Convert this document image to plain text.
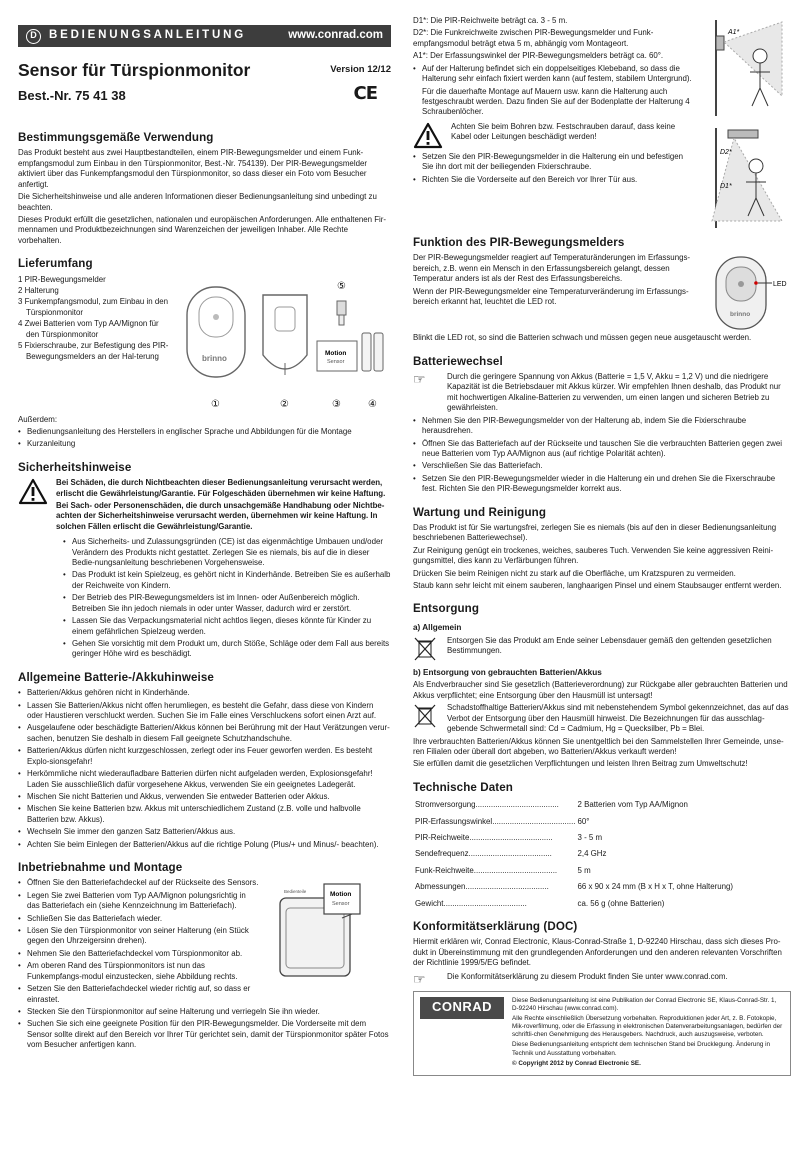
D	BEDIENUNGSANLEITUNG	www.conrad.com
Sensor für Türspionmonitor
Best.-Nr. 75 41 38
Version 12/12
CE
Bestimmungsgemäße Verwendung

Das Produkt besteht aus zwei Hauptbestandteilen, einem PIR-Bewegungsmelder und einem Funk-empfangsmodul zum Einbau in den Türspionmonitor, Best.-Nr. 754139). Der PIR-Bewegungsmelder aktiviert über das Funkempfangsmodul den Türspionmonitor, so dass dieser ein Foto vom Besucher anfertigt.

Die Sicherheitshinweise und alle anderen Informationen dieser Bedienungsanleitung sind unbedingt zu beachten.

Dieses Produkt erfüllt die gesetzlichen, nationalen und europäischen Anforderungen. Alle enthaltenen Fir-mennamen und Produktbezeichnungen sind Warenzeichen der jeweiligen Inhaber. Alle Rechte vorbehalten.

Lieferumfang

1 PIR-Bewegungsmelder

2 Halterung

3 Funkempfangsmodul, zum Einbau in den Türspionmonitor

4 Zwei Batterien vom Typ AA/Mignon für den Türspionmonitor

5 Fixierschraube, zur Befestigung des PIR-Bewegungsmelders an der Hal-terung	brinno
Motion
Sensor
①	②	③	④
⑤

Außerdem:

• Bedienungsanleitung des Herstellers in englischer Sprache und Abbildungen für die Montage
• Kurzanleitung
Sicherheitshinweise

Bei Schäden, die durch Nichtbeachten dieser Bedienungsanleitung verursacht werden, erlischt die Gewährleistung/Garantie. Für Folgeschäden übernehmen wir keine Haftung.

Bei Sach- oder Personenschäden, die durch unsachgemäße Handhabung oder Nichtbe-achten der Sicherheitshinweise verursacht werden, übernehmen wir keine Haftung. In solchen Fällen erlischt die Gewährleistung/Garantie.

• Aus Sicherheits- und Zulassungsgründen (CE) ist das eigenmächtige Umbauen und/oder Verändern des Produkts nicht gestattet. Zerlegen Sie es niemals, bis auf die in dieser Bedie-nungsanleitung beschriebenen Vorgehensweise.
• Das Produkt ist kein Spielzeug, es gehört nicht in Kinderhände. Betreiben Sie es außerhalb der Reichweite von Kindern.
• Der Betrieb des PIR-Bewegungsmelders ist im Innen- oder Außenbereich möglich. Betreiben Sie ihn jedoch niemals in oder unter Wasser, dadurch wird er zerstört.
• Lassen Sie das Verpackungsmaterial nicht achtlos liegen, dieses könnte für Kinder zu einem gefährlichen Spielzeug werden.
• Gehen Sie vorsichtig mit dem Produkt um, durch Stöße, Schläge oder dem Fall aus bereits geringer Höhe wird es beschädigt.
Allgemeine Batterie-/Akkuhinweise
• Batterien/Akkus gehören nicht in Kinderhände.
• Lassen Sie Batterien/Akkus nicht offen herumliegen, es besteht die Gefahr, dass diese von Kindern oder Haustieren verschluckt werden. Suchen Sie im Falle eines Verschluckens sofort einen Arzt auf.
• Ausgelaufene oder beschädigte Batterien/Akkus können bei Berührung mit der Haut Verätzungen verur-sachen, benutzen Sie deshalb in diesem Fall geeignete Schutzhandschuhe.
• Batterien/Akkus dürfen nicht kurzgeschlossen, zerlegt oder ins Feuer geworfen werden. Es besteht Explo-sionsgefahr!
• Herkömmliche nicht wiederaufladbare Batterien dürfen nicht aufgeladen werden, Explosionsgefahr! Laden Sie ausschließlich dafür vorgesehene Akkus, verwenden Sie ein geeignetes Ladegerät.
• Mischen Sie nicht Batterien und Akkus, verwenden Sie entweder Batterien oder Akkus.
• Mischen Sie keine Batterien bzw. Akkus mit unterschiedlichem Zustand (z.B. volle und halbvolle Batterien bzw. Akkus).
• Wechseln Sie immer den ganzen Satz Batterien/Akkus aus.
• Achten Sie beim Einlegen der Batterien/Akkus auf die richtige Polung (Plus/+ und Minus/- beachten).
Inbetriebnahme und Montage
• Öffnen Sie den Batteriefachdeckel auf der Rückseite des Sensors.
• Legen Sie zwei Batterien vom Typ AA/Mignon polungsrichtig in das Batteriefach ein (siehe Kennzeichnung im Batteriefach).
• Schließen Sie das Batteriefach wieder.
• Lösen Sie den Türspionmonitor von seiner Halterung (ein Stück gegen den Uhrzeigersinn drehen).
• Nehmen Sie den Batteriefachdeckel vom Türspionmonitor ab.
• Am oberen Rand des Türspionmonitors ist nun das Funkempfangs-modul einzustecken, siehe Abbildung rechts.
• Setzen Sie den Batteriefachdeckel wieder richtig auf, so dass er einrastet.
Motion
Sensor
Bedienteile
• Stecken Sie den Türspionmonitor auf seine Halterung und verriegeln Sie ihn wieder.
• Suchen Sie sich eine geeignete Position für den PIR-Bewegungsmelder. Die Vorderseite mit dem Sensor sollte direkt auf den Bereich vor Ihrer Tür gerichtet sein, damit der Türspionmonitor später Fotos vom Besucher anfertigen kann.

D1*: Die PIR-Reichweite beträgt ca. 3 - 5 m.

D2*: Die Funkreichweite zwischen PIR-Bewegungsmelder und Funk-empfangsmodul beträgt etwa 5 m, abhängig vom Montageort.

A1*: Der Erfassungswinkel der PIR-Bewegungsmelders beträgt ca. 60°.

• Auf der Halterung befindet sich ein doppelseitiges Klebeband, so dass die Halterung sehr einfach fixiert werden kann (auf festem, stabilem Untergrund).

Für die dauerhafte Montage auf Mauern usw. kann die Halterung auch festgeschraubt werden. Dazu finden Sie auf der Bodenplatte der Halterung 4 Schraubenlöcher.

Achten Sie beim Bohren bzw. Festschrauben darauf, dass keine Kabel oder Leitungen beschädigt werden!

• Setzen Sie den PIR-Bewegungsmelder in die Halterung ein und befestigen Sie ihn dort mit der beiliegenden Fixierschraube.
• Richten Sie die Vorderseite auf den Bereich vor Ihrer Tür aus.
A1*
D2*
D1*
Funktion des PIR-Bewegungsmelders

Der PIR-Bewegungsmelder reagiert auf Temperaturänderungen im Erfassungs-bereich, z.B. wenn ein Mensch in den Erfassungsbereich gelangt, dessen Temperatur anders ist als der Rest des Erfassungsbereichs.

Wenn der PIR-Bewegungsmelder eine Temperaturveränderung im Erfassungs-bereich erkannt hat, leuchtet die LED rot.

LED
brinno

Blinkt die LED rot, so sind die Batterien schwach und müssen gegen neue ausgetauscht werden.

Batteriewechsel
☞	Durch die geringere Spannung von Akkus (Batterie = 1,5 V, Akku = 1,2 V) und die niedrigere Kapazität ist die Betriebsdauer mit Akkus kürzer. Wir empfehlen Ihnen deshalb, das Produkt nur mit hochwertigen Alkaline-Batterien zu verwenden, um einen langen und sicheren Betrieb zu gewährleisten.

• Nehmen Sie den PIR-Bewegungsmelder von der Halterung ab, indem Sie die Fixierschraube herausdrehen.
• Öffnen Sie das Batteriefach auf der Rückseite und tauschen Sie die verbrauchten Batterien gegen zwei neue Batterien vom Typ AA/Mignon aus (auf richtige Polarität achten).
• Verschließen Sie das Batteriefach.
• Setzen Sie den PIR-Bewegungsmelder wieder in die Halterung ein und drehen Sie die Fixerschraube fest. Richten Sie den PIR-Bewegungsmelder korrekt aus.
Wartung und Reinigung

Das Produkt ist für Sie wartungsfrei, zerlegen Sie es niemals (bis auf den in dieser Bedienungsanleitung beschriebenen Batteriewechsel).

Zur Reinigung genügt ein trockenes, weiches, sauberes Tuch. Verwenden Sie keine aggressiven Reini-gungsmittel, dies kann zu Verfärbungen führen.

Drücken Sie beim Reinigen nicht zu stark auf die Oberfläche, um Kratzspuren zu vermeiden.

Staub kann sehr leicht mit einem sauberen, langhaarigen Pinsel und einem Staubsauger entfernt werden.

Entsorgung
a) Allgemein

Entsorgen Sie das Produkt am Ende seiner Lebensdauer gemäß den geltenden gesetzlichen Bestimmungen.

b) Entsorgung von gebrauchten Batterien/Akkus

Als Endverbraucher sind Sie gesetzlich (Batterieverordnung) zur Rückgabe aller gebrauchten Batterien und Akkus verpflichtet; eine Entsorgung über den Hausmüll ist untersagt!

Schadstoffhaltige Batterien/Akkus sind mit nebenstehendem Symbol gekennzeichnet, das auf das Verbot der Entsorgung über den Hausmüll hinweist. Die Bezeichnungen für das ausschlag-gebende Schwermetall sind: Cd = Cadmium, Hg = Quecksilber, Pb = Blei.

Ihre verbrauchten Batterien/Akkus können Sie unentgeltlich bei den Sammelstellen Ihrer Gemeinde, unse-ren Filialen oder überall dort abgeben, wo Batterien/Akkus verkauft werden!

Sie erfüllen damit die gesetzlichen Verpflichtungen und leisten Ihren Beitrag zum Umweltschutz!

Technische Daten
Stromversorgung......................................	2 Batterien vom Typ AA/Mignon
PIR-Erfassungswinkel......................................	60°
PIR-Reichweite......................................	3 - 5 m
Sendefrequenz......................................	2,4 GHz
Funk-Reichweite......................................	5 m
Abmessungen......................................	66 x 90 x 24 mm (B x H x T, ohne Halterung)
Gewicht......................................	ca. 56 g (ohne Batterien)
Konformitätserklärung (DOC)

Hiermit erklären wir, Conrad Electronic, Klaus-Conrad-Straße 1, D-92240 Hirschau, dass sich dieses Pro-dukt in Übereinstimmung mit den grundlegenden Anforderungen und den anderen relevanten Vorschriften der Richtlinie 1999/5/EG befindet.

☞	Die Konformitätserklärung zu diesem Produkt finden Sie unter www.conrad.com.

CONRAD	Diese Bedienungsanleitung ist eine Publikation der Conrad Electronic SE, Klaus-Conrad-Str. 1, D-92240 Hirschau (www.conrad.com).

Alle Rechte einschließlich Übersetzung vorbehalten. Reproduktionen jeder Art, z. B. Fotokopie, Mik-roverfilmung, oder die Erfassung in elektronischen Datenverarbeitungsanlagen, bedürfen der schriftli-chen Genehmigung des Herausgebers. Nachdruck, auch auszugsweise, verboten.

Diese Bedienungsanleitung entspricht dem technischen Stand bei Drucklegung. Änderung in Technik und Ausstattung vorbehalten.

© Copyright 2012 by Conrad Electronic SE.
